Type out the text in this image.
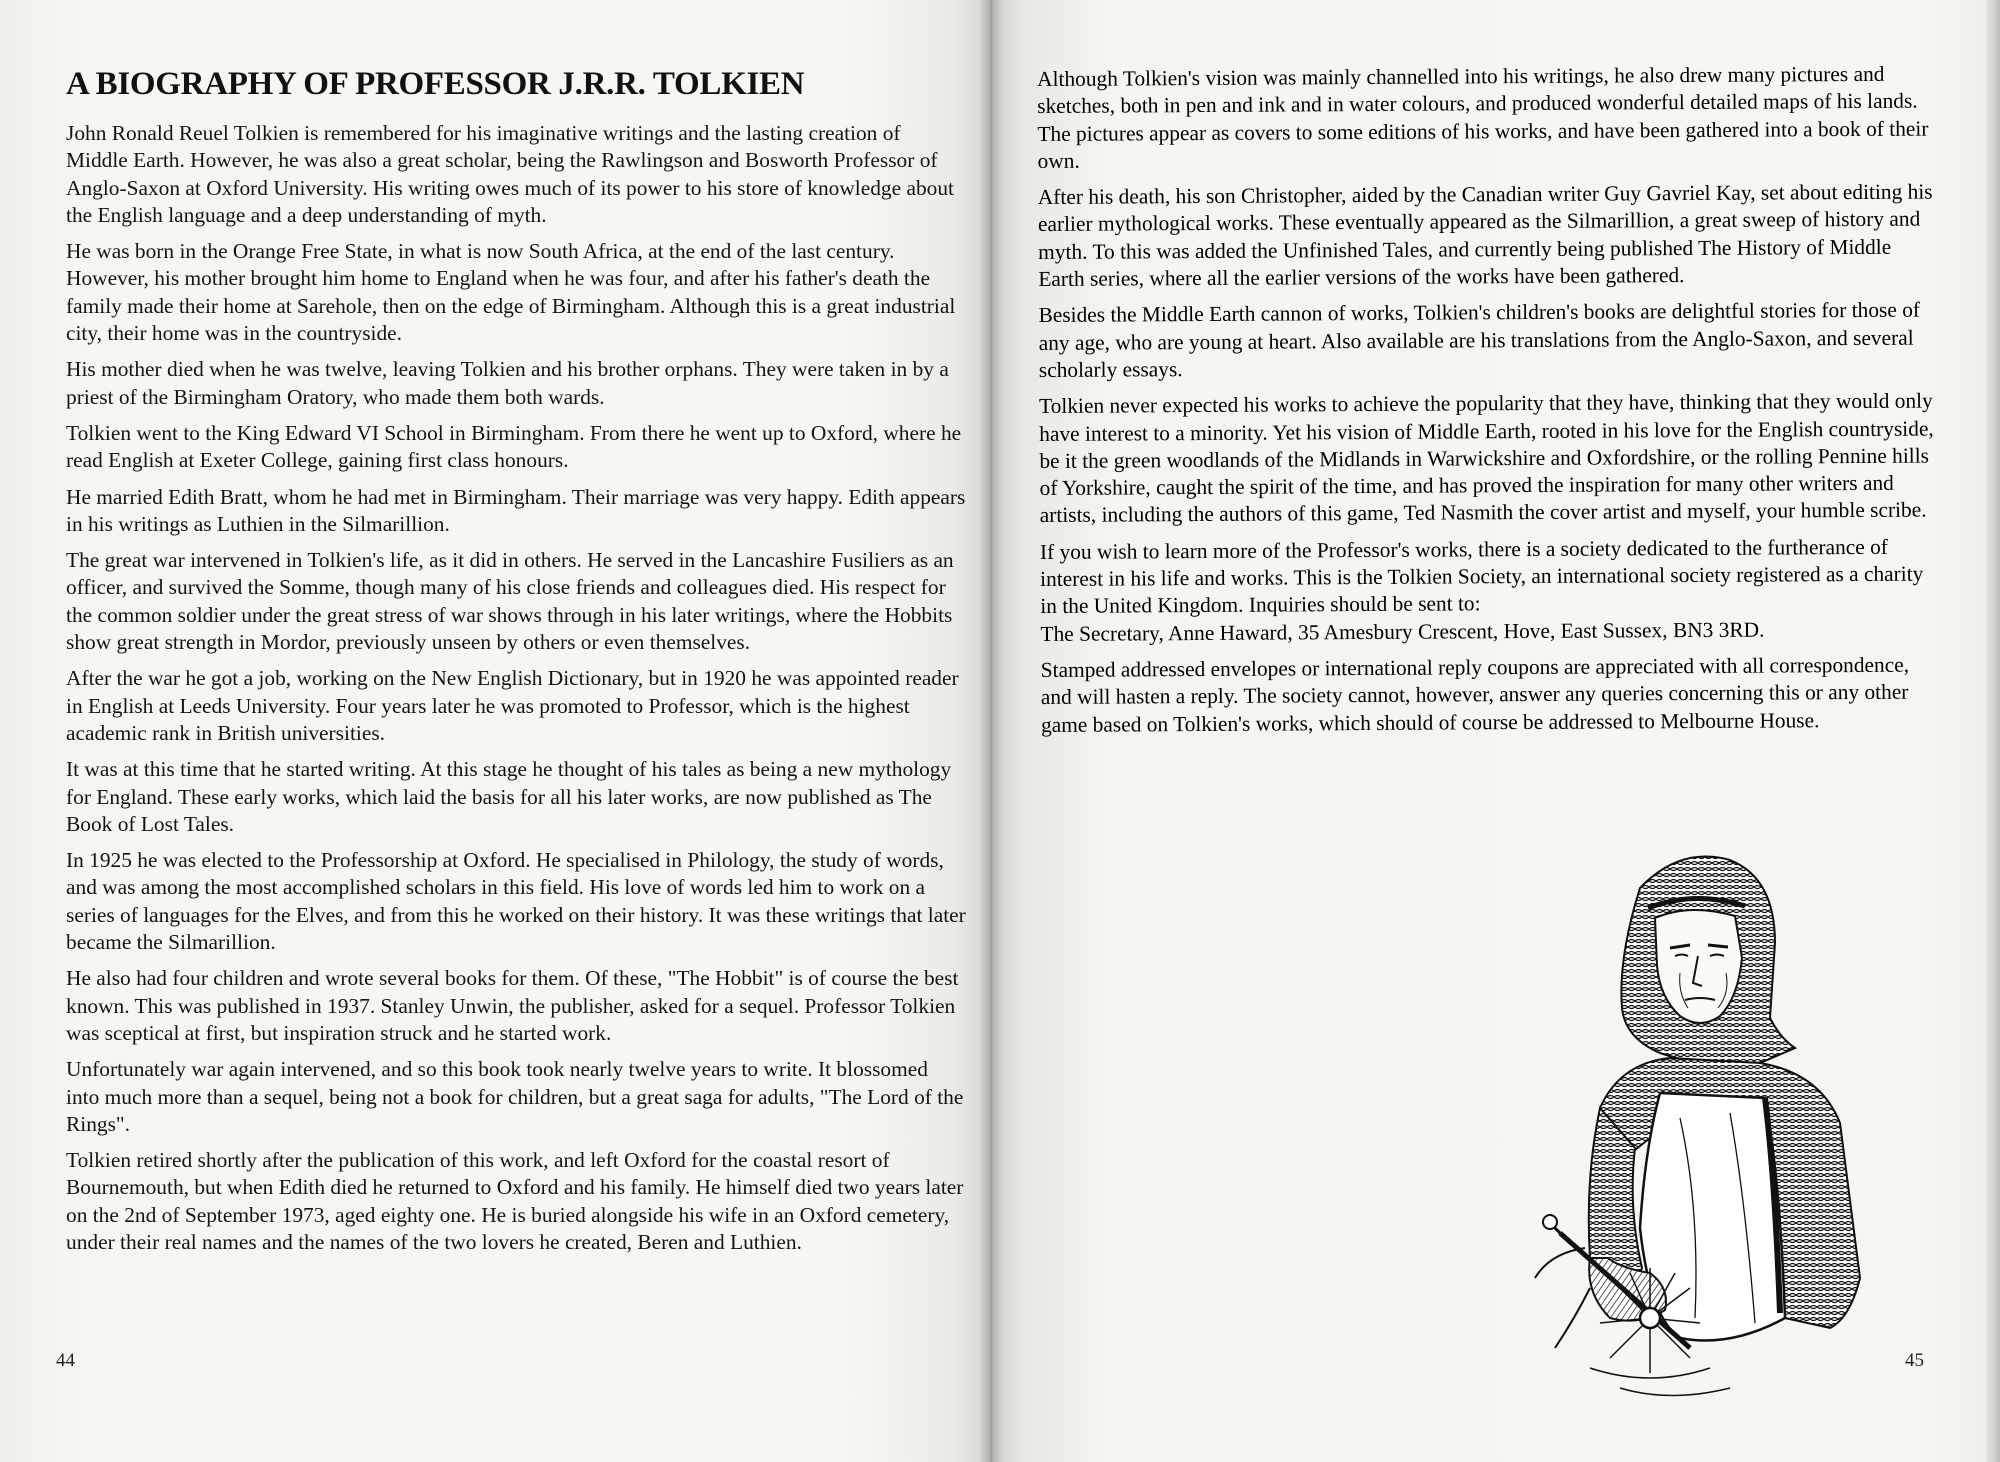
A BIOGRAPHY OF PROFESSOR J.R.R. TOLKIEN

John Ronald Reuel Tolkien is remembered for his imaginative writings and the lasting creation of Middle Earth. However, he was also a great scholar, being the Rawlingson and Bosworth Professor of Anglo-Saxon at Oxford University. His writing owes much of its power to his store of knowledge about the English language and a deep understanding of myth.

He was born in the Orange Free State, in what is now South Africa, at the end of the last century. However, his mother brought him home to England when he was four, and after his father's death the family made their home at Sarehole, then on the edge of Birmingham. Although this is a great industrial city, their home was in the countryside.

His mother died when he was twelve, leaving Tolkien and his brother orphans. They were taken in by a priest of the Birmingham Oratory, who made them both wards.

Tolkien went to the King Edward VI School in Birmingham. From there he went up to Oxford, where he read English at Exeter College, gaining first class honours.

He married Edith Bratt, whom he had met in Birmingham. Their marriage was very happy. Edith appears in his writings as Luthien in the Silmarillion.

The great war intervened in Tolkien's life, as it did in others. He served in the Lancashire Fusiliers as an officer, and survived the Somme, though many of his close friends and colleagues died. His respect for the common soldier under the great stress of war shows through in his later writings, where the Hobbits show great strength in Mordor, previously unseen by others or even themselves.

After the war he got a job, working on the New English Dictionary, but in 1920 he was appointed reader in English at Leeds University. Four years later he was promoted to Professor, which is the highest academic rank in British universities.

It was at this time that he started writing. At this stage he thought of his tales as being a new mythology for England. These early works, which laid the basis for all his later works, are now published as The Book of Lost Tales.

In 1925 he was elected to the Professorship at Oxford. He specialised in Philology, the study of words, and was among the most accomplished scholars in this field. His love of words led him to work on a series of languages for the Elves, and from this he worked on their history. It was these writings that later became the Silmarillion.

He also had four children and wrote several books for them. Of these, "The Hobbit" is of course the best known. This was published in 1937. Stanley Unwin, the publisher, asked for a sequel. Professor Tolkien was sceptical at first, but inspiration struck and he started work.

Unfortunately war again intervened, and so this book took nearly twelve years to write. It blossomed into much more than a sequel, being not a book for children, but a great saga for adults, "The Lord of the Rings".

Tolkien retired shortly after the publication of this work, and left Oxford for the coastal resort of Bournemouth, but when Edith died he returned to Oxford and his family. He himself died two years later on the 2nd of September 1973, aged eighty one. He is buried alongside his wife in an Oxford cemetery, under their real names and the names of the two lovers he created, Beren and Luthien.

44

Although Tolkien's vision was mainly channelled into his writings, he also drew many pictures and sketches, both in pen and ink and in water colours, and produced wonderful detailed maps of his lands. The pictures appear as covers to some editions of his works, and have been gathered into a book of their own.

After his death, his son Christopher, aided by the Canadian writer Guy Gavriel Kay, set about editing his earlier mythological works. These eventually appeared as the Silmarillion, a great sweep of history and myth. To this was added the Unfinished Tales, and currently being published The History of Middle Earth series, where all the earlier versions of the works have been gathered.

Besides the Middle Earth cannon of works, Tolkien's children's books are delightful stories for those of any age, who are young at heart. Also available are his translations from the Anglo-Saxon, and several scholarly essays.

Tolkien never expected his works to achieve the popularity that they have, thinking that they would only have interest to a minority. Yet his vision of Middle Earth, rooted in his love for the English countryside, be it the green woodlands of the Midlands in Warwickshire and Oxfordshire, or the rolling Pennine hills of Yorkshire, caught the spirit of the time, and has proved the inspiration for many other writers and artists, including the authors of this game, Ted Nasmith the cover artist and myself, your humble scribe.

If you wish to learn more of the Professor's works, there is a society dedicated to the furtherance of interest in his life and works. This is the Tolkien Society, an international society registered as a charity in the United Kingdom. Inquiries should be sent to:

The Secretary, Anne Haward, 35 Amesbury Crescent, Hove, East Sussex, BN3 3RD.

Stamped addressed envelopes or international reply coupons are appreciated with all correspondence, and will hasten a reply. The society cannot, however, answer any queries concerning this or any other game based on Tolkien's works, which should of course be addressed to Melbourne House.

45
